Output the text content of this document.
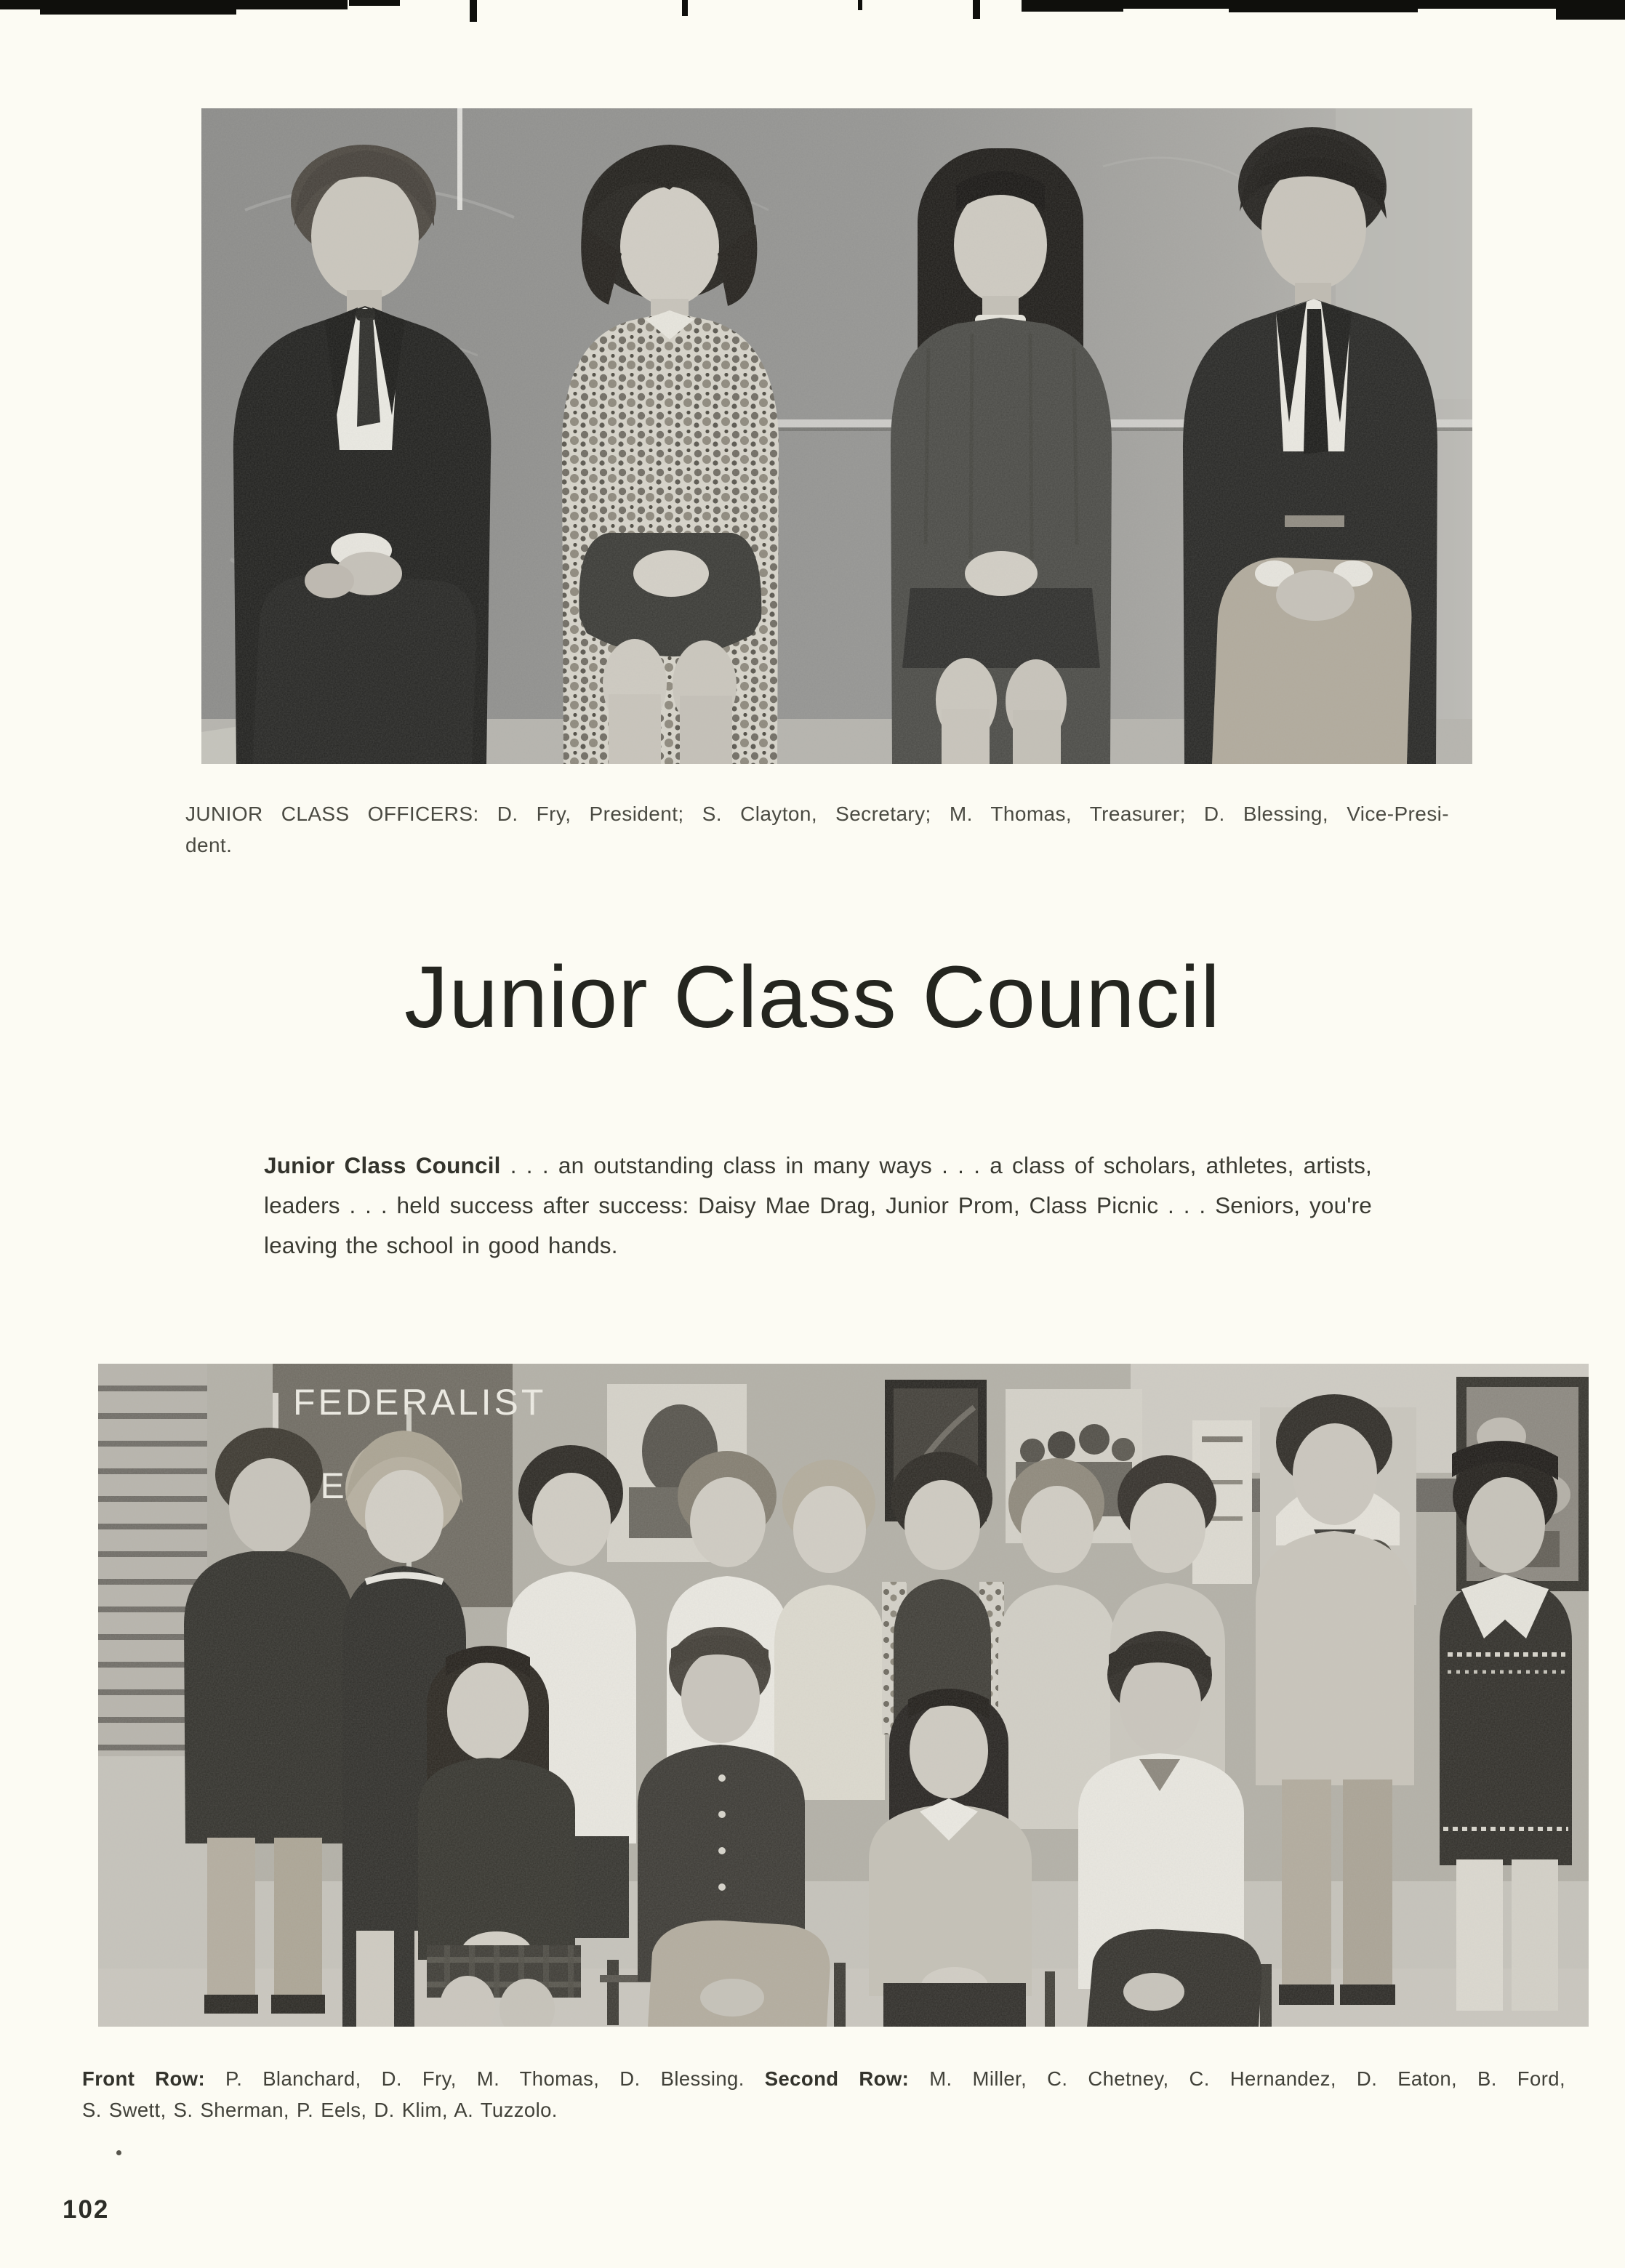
JUNIOR CLASS OFFICERS: D. Fry, President; S. Clayton, Secretary; M. Thomas, Treasurer; D. Blessing, Vice-Presi-
dent.

Junior Class Council

Junior Class Council . . . an outstanding class in many ways . . . a class of scholars, athletes, artists, leaders . . . held success after success: Daisy Mae Drag, Junior Prom, Class Picnic . . . Seniors, you're leaving the school in good hands.

Front Row: P. Blanchard, D. Fry, M. Thomas, D. Blessing. Second Row: M. Miller, C. Chetney, C. Hernandez, D. Eaton, B. Ford,
S. Swett, S. Sherman, P. Eels, D. Klim, A. Tuzzolo.

102
